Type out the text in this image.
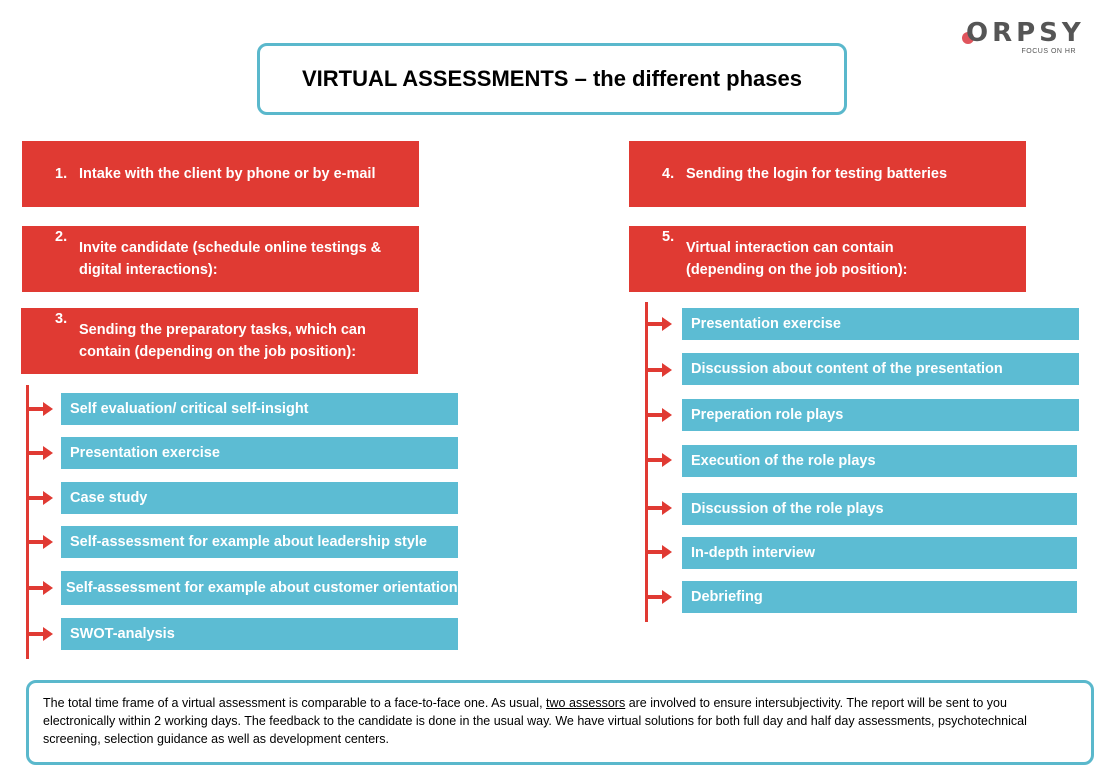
ORPSY
FOCUS ON HR
VIRTUAL ASSESSMENTS – the different phases
1. Intake with the client by phone or by e-mail
2.
Invite candidate (schedule online testings &
digital interactions):
3.
Sending the preparatory tasks, which can
contain (depending on the job position):
4. Sending the login for testing batteries
5.
Virtual interaction can contain
(depending on the job position):
Self evaluation/ critical self-insight
Presentation exercise
Case study
Self-assessment for example about leadership style
Self-assessment for example about customer orientation
SWOT-analysis
Presentation exercise
Discussion about content of the presentation
Preperation role plays
Execution of the role plays
Discussion of the role plays
In-depth interview
Debriefing
The total time frame of a virtual assessment is comparable to a face-to-face one. As usual, two assessors are involved to ensure intersubjectivity. The report will be sent to you electronically within 2 working days. The feedback to the candidate is done in the usual way. We have virtual solutions for both full day and half day assessments, psychotechnical screening, selection guidance as well as development centers.
